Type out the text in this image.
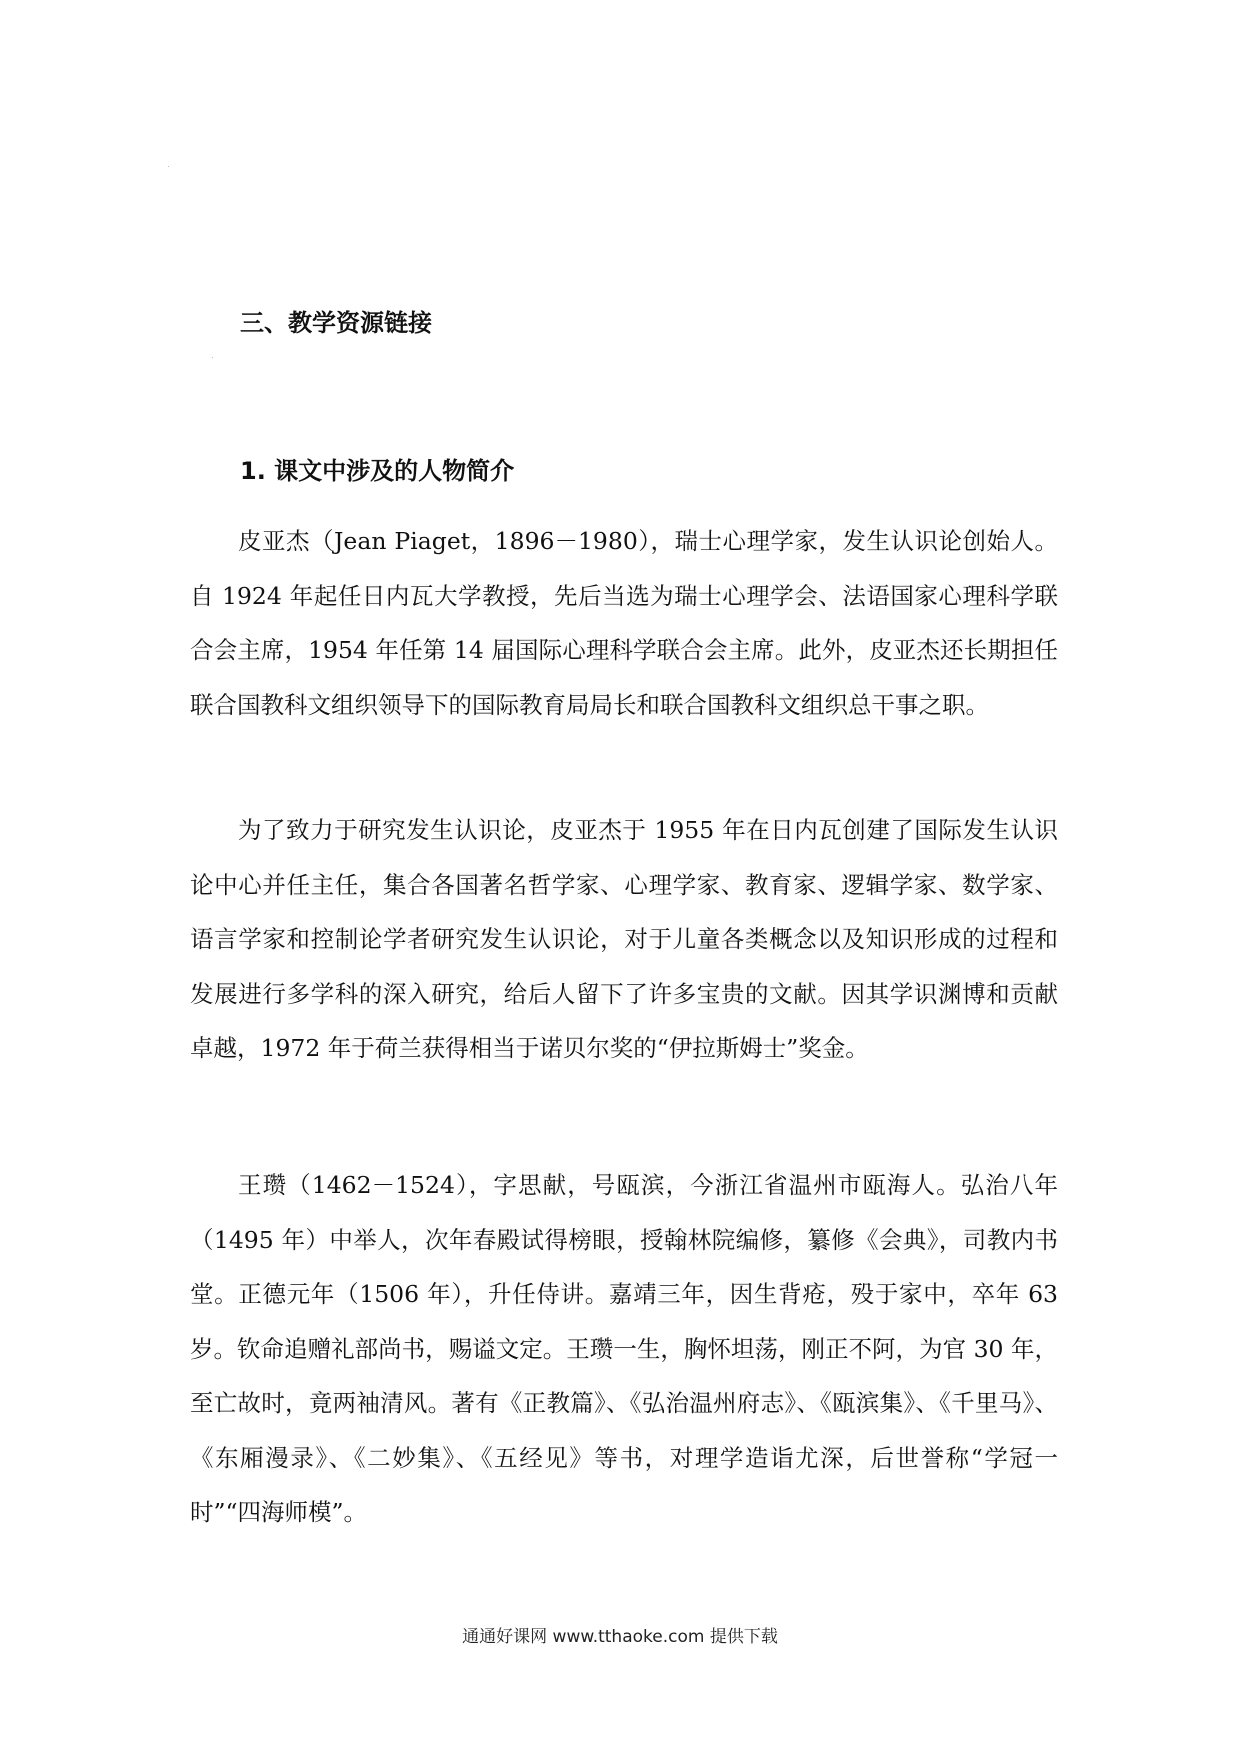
三、教学资源链接
1. 课文中涉及的人物简介

皮亚杰（Jean Piaget，1896－1980），瑞士心理学家，发生认识论创始人。自 1924 年起任日内瓦大学教授，先后当选为瑞士心理学会、法语国家心理科学联合会主席，1954 年任第 14 届国际心理科学联合会主席。此外，皮亚杰还长期担任联合国教科文组织领导下的国际教育局局长和联合国教科文组织总干事之职。

为了致力于研究发生认识论，皮亚杰于 1955 年在日内瓦创建了国际发生认识论中心并任主任，集合各国著名哲学家、心理学家、教育家、逻辑学家、数学家、语言学家和控制论学者研究发生认识论，对于儿童各类概念以及知识形成的过程和发展进行多学科的深入研究，给后人留下了许多宝贵的文献。因其学识渊博和贡献卓越，1972 年于荷兰获得相当于诺贝尔奖的“伊拉斯姆士”奖金。

王瓒（1462－1524），字思献，号瓯滨，今浙江省温州市瓯海人。弘治八年（1495 年）中举人，次年春殿试得榜眼，授翰林院编修，纂修《会典》，司教内书堂。正德元年（1506 年），升任侍讲。嘉靖三年，因生背疮，殁于家中，卒年 63 岁。钦命追赠礼部尚书，赐谥文定。王瓒一生，胸怀坦荡，刚正不阿，为官 30 年，至亡故时，竟两袖清风。著有《正教篇》、《弘治温州府志》、《瓯滨集》、《千里马》、《东厢漫录》、《二妙集》、《五经见》等书，对理学造诣尤深，后世誉称“学冠一时”“四海师模”。

通通好课网 www.tthaoke.com 提供下载
